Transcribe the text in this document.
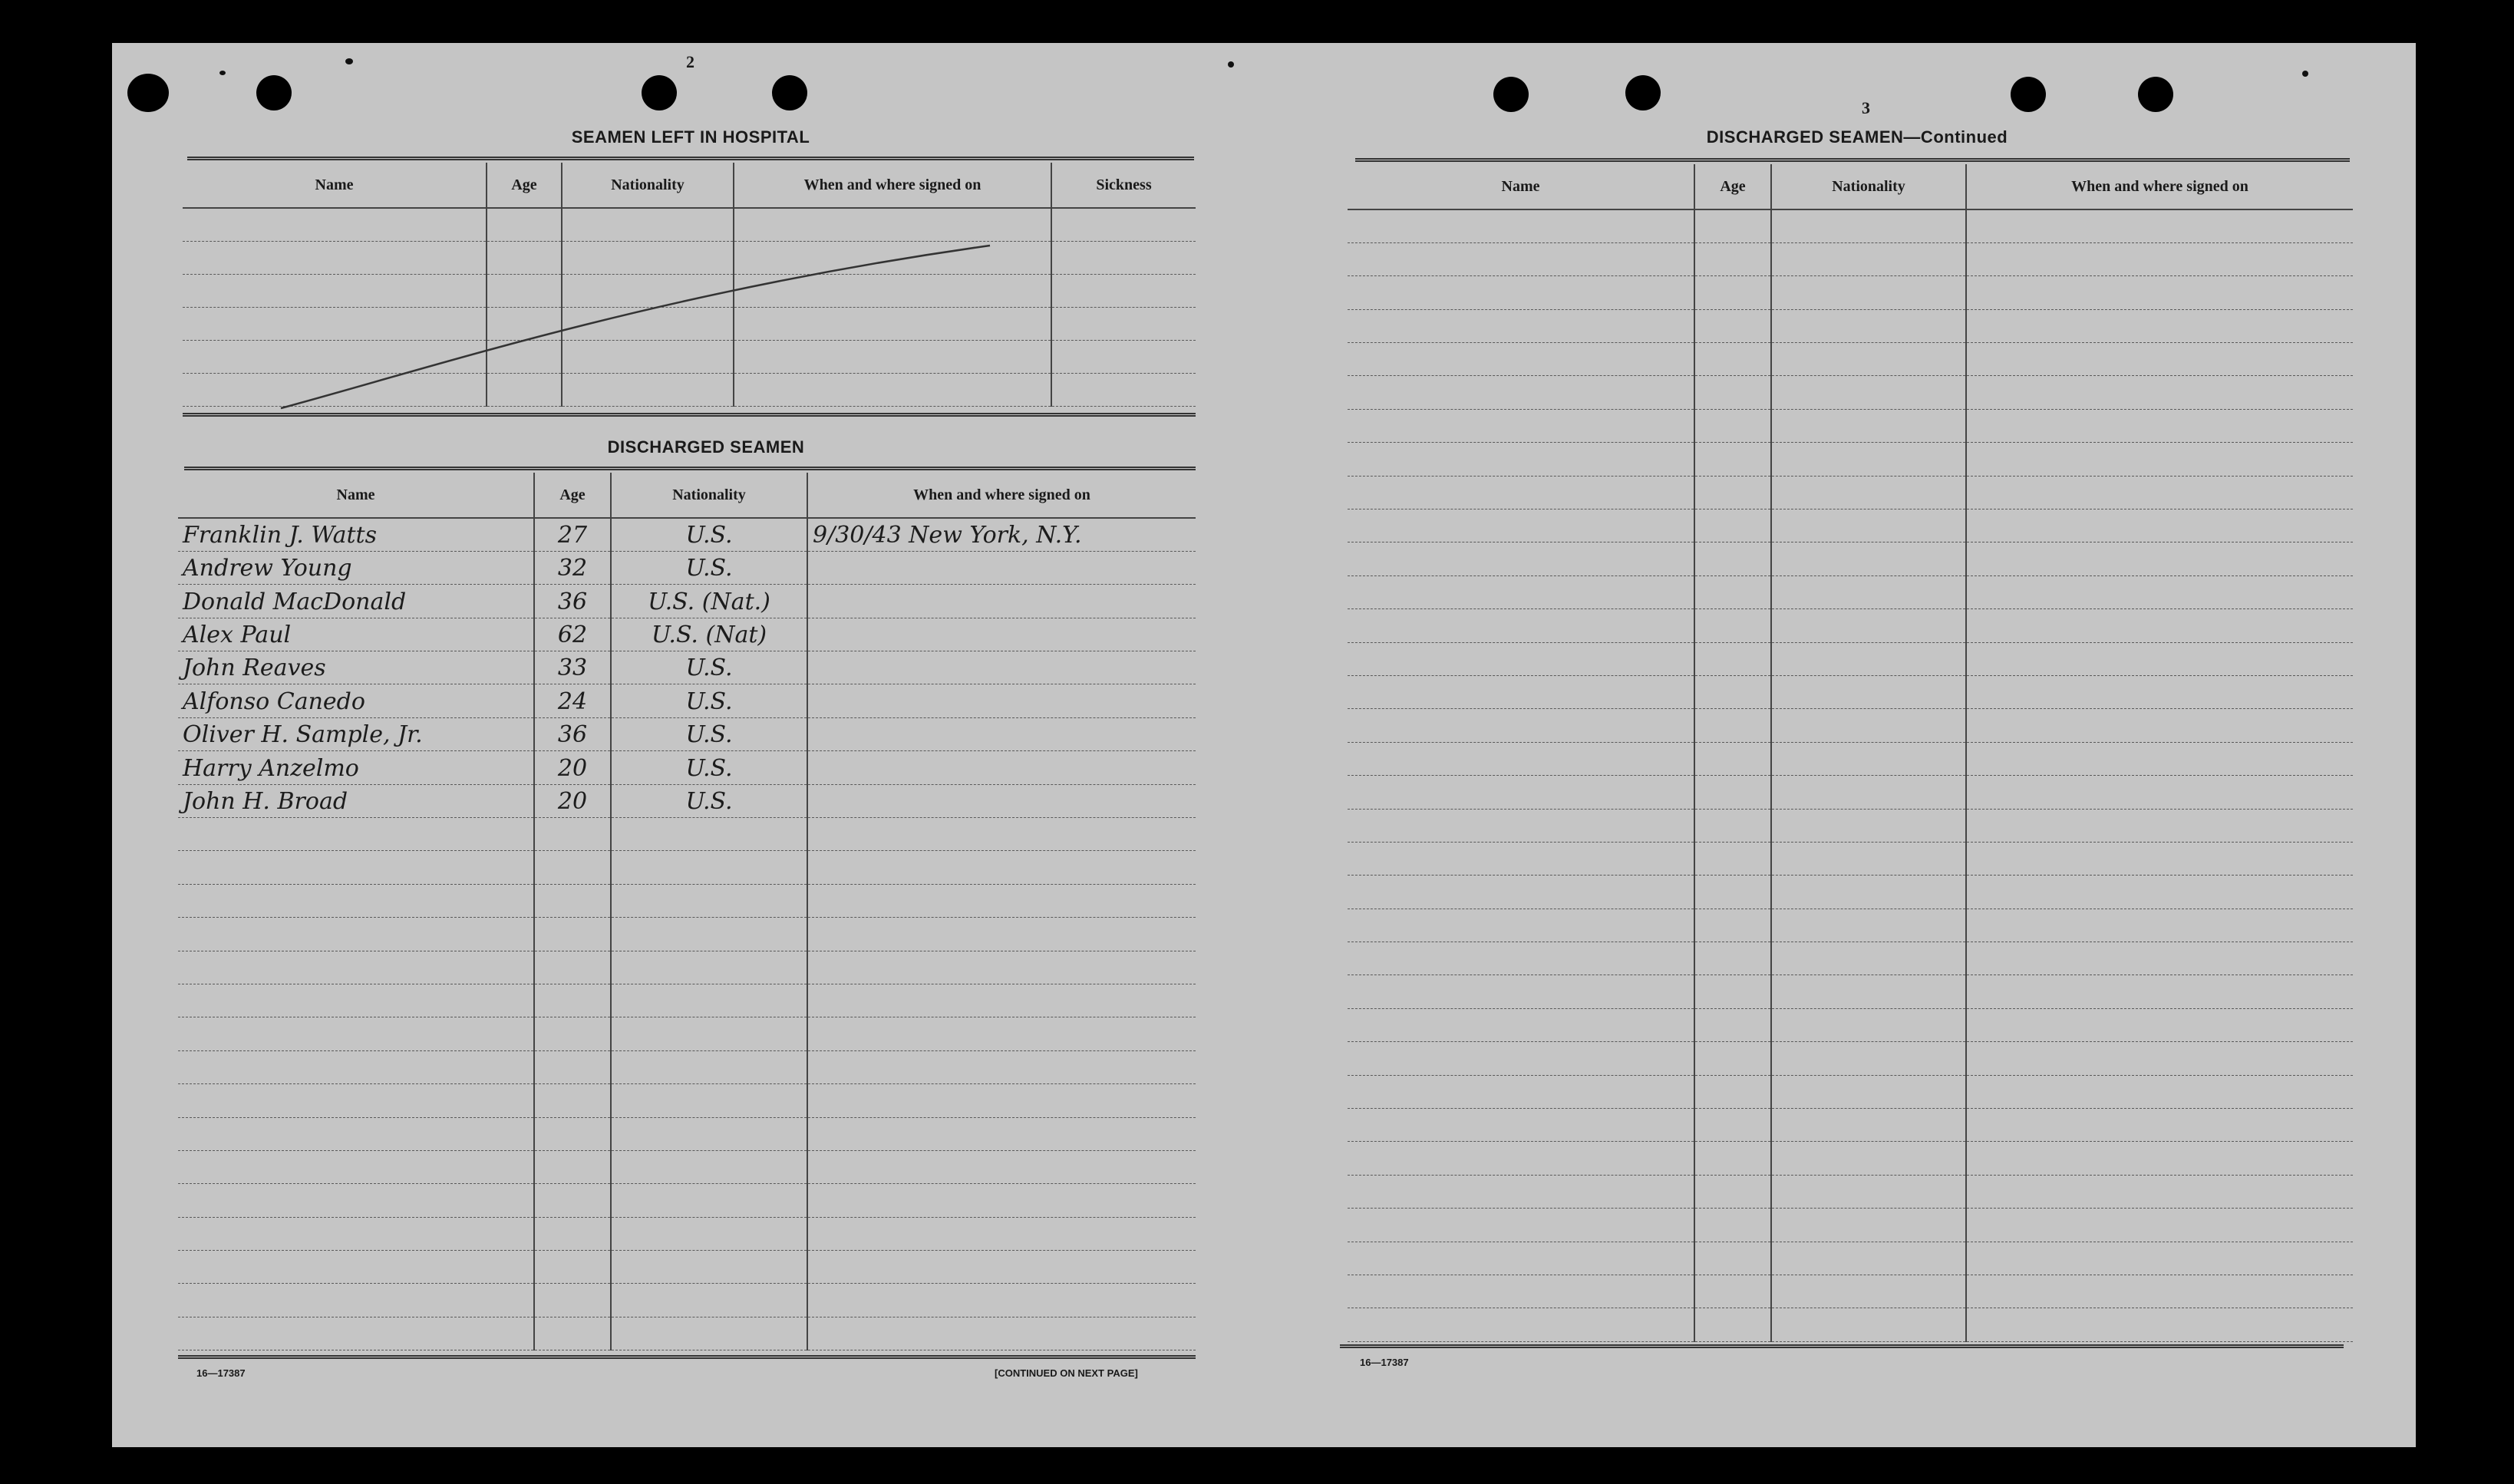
2
SEAMEN LEFT IN HOSPITAL
Name	Age	Nationality	When and where signed on	Sickness

DISCHARGED SEAMEN
Name	Age	Nationality	When and where signed on
Franklin J. Watts	27	U.S.	9/30/43 New York, N.Y.
Andrew Young	32	U.S.	
Donald MacDonald	36	U.S. (Nat.)	
Alex Paul	62	U.S. (Nat)	
John Reaves	33	U.S.	
Alfonso Canedo	24	U.S.	
Oliver H. Sample, Jr.	36	U.S.	
Harry Anzelmo	20	U.S.	
John H. Broad	20	U.S.	

16—17387	[CONTINUED ON NEXT PAGE]
3
DISCHARGED SEAMEN—Continued
Name	Age	Nationality	When and where signed on

16—17387
